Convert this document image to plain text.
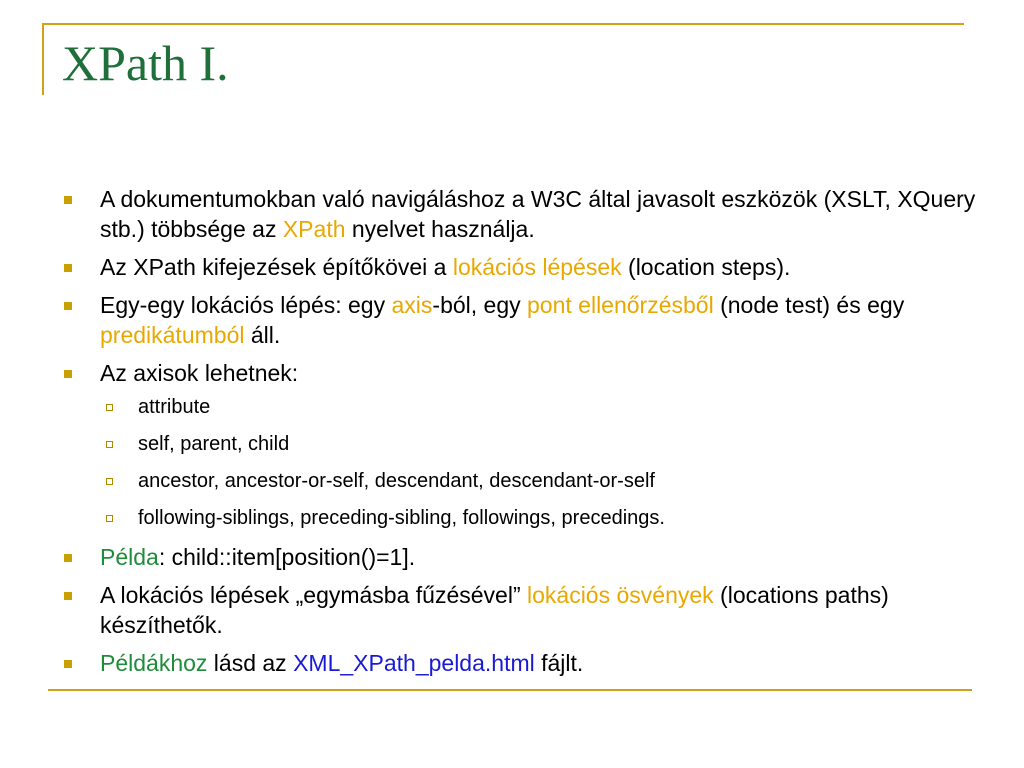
XPath I.
A dokumentumokban való navigáláshoz a W3C által javasolt eszközök (XSLT, XQuery stb.) többsége az XPath nyelvet használja.
Az XPath kifejezések építőkövei a lokációs lépések (location steps).
Egy-egy lokációs lépés: egy axis-ból, egy pont ellenőrzésből (node test) és egy predikátumból áll.
Az axisok lehetnek:
attribute
self, parent, child
ancestor, ancestor-or-self, descendant, descendant-or-self
following-siblings, preceding-sibling, followings, precedings.
Példa: child::item[position()=1].
A lokációs lépések „egymásba fűzésével” lokációs ösvények (locations paths) készíthetők.
Példákhoz lásd az XML_XPath_pelda.html fájlt.
